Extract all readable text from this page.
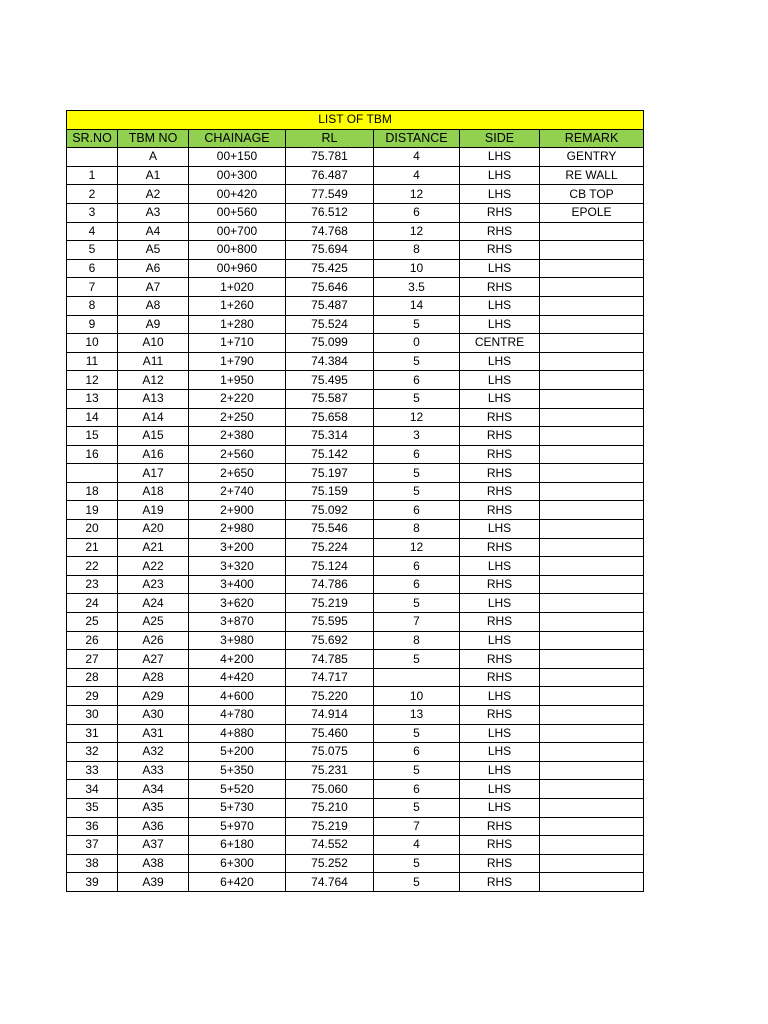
LIST OF TBM						
SR.NO	TBM NO	CHAINAGE	RL	DISTANCE	SIDE	REMARK
	A	00+150	75.781	4	LHS	GENTRY
1	A1	00+300	76.487	4	LHS	RE WALL
2	A2	00+420	77.549	12	LHS	CB TOP
3	A3	00+560	76.512	6	RHS	EPOLE
4	A4	00+700	74.768	12	RHS	
5	A5	00+800	75.694	8	RHS	
6	A6	00+960	75.425	10	LHS	
7	A7	1+020	75.646	3.5	RHS	
8	A8	1+260	75.487	14	LHS	
9	A9	1+280	75.524	5	LHS	
10	A10	1+710	75.099	0	CENTRE	
11	A11	1+790	74.384	5	LHS	
12	A12	1+950	75.495	6	LHS	
13	A13	2+220	75.587	5	LHS	
14	A14	2+250	75.658	12	RHS	
15	A15	2+380	75.314	3	RHS	
16	A16	2+560	75.142	6	RHS	
	A17	2+650	75.197	5	RHS	
18	A18	2+740	75.159	5	RHS	
19	A19	2+900	75.092	6	RHS	
20	A20	2+980	75.546	8	LHS	
21	A21	3+200	75.224	12	RHS	
22	A22	3+320	75.124	6	LHS	
23	A23	3+400	74.786	6	RHS	
24	A24	3+620	75.219	5	LHS	
25	A25	3+870	75.595	7	RHS	
26	A26	3+980	75.692	8	LHS	
27	A27	4+200	74.785	5	RHS	
28	A28	4+420	74.717		RHS	
29	A29	4+600	75.220	10	LHS	
30	A30	4+780	74.914	13	RHS	
31	A31	4+880	75.460	5	LHS	
32	A32	5+200	75.075	6	LHS	
33	A33	5+350	75.231	5	LHS	
34	A34	5+520	75.060	6	LHS	
35	A35	5+730	75.210	5	LHS	
36	A36	5+970	75.219	7	RHS	
37	A37	6+180	74.552	4	RHS	
38	A38	6+300	75.252	5	RHS	
39	A39	6+420	74.764	5	RHS	
